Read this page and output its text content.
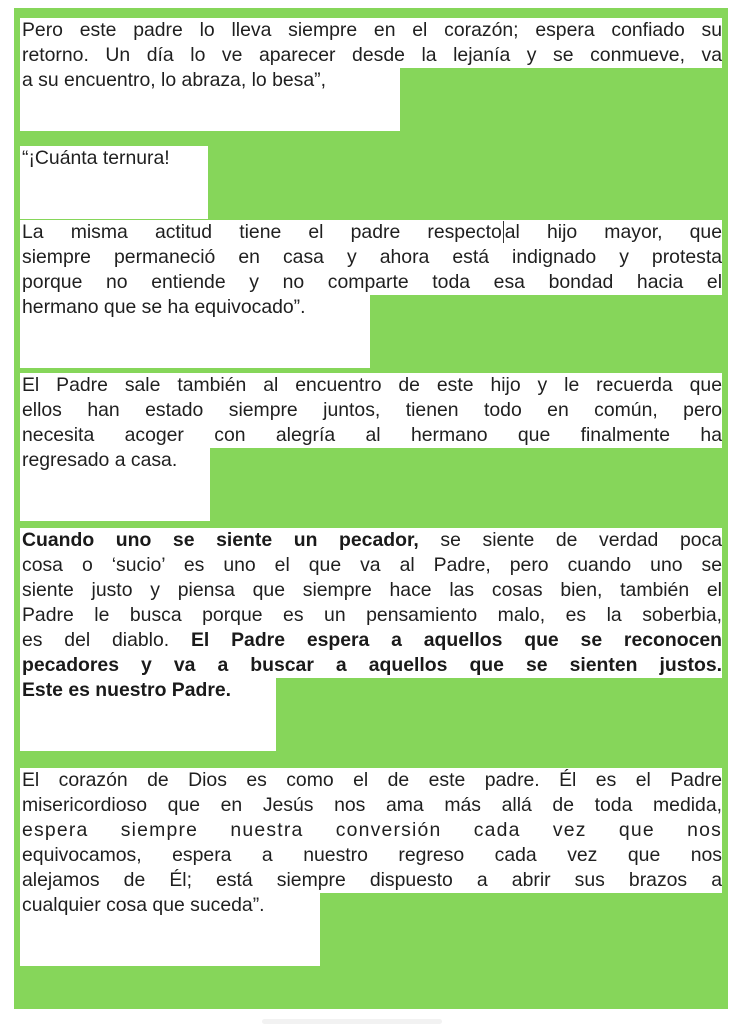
Pero este padre lo lleva siempre en el corazón; espera confiado su
retorno. Un día lo ve aparecer desde la lejanía y se conmueve, va
a su encuentro, lo abraza, lo besa”,
“¡Cuánta ternura!
La misma actitud tiene el padre respecto al hijo mayor, que
siempre permaneció en casa y ahora está indignado y protesta
porque no entiende y no comparte toda esa bondad hacia el
hermano que se ha equivocado”.
El Padre sale también al encuentro de este hijo y le recuerda que
ellos han estado siempre juntos, tienen todo en común, pero
necesita acoger con alegría al hermano que finalmente ha
regresado a casa.
Cuando uno se siente un pecador, se siente de verdad poca
cosa o ‘sucio’ es uno el que va al Padre, pero cuando uno se
siente justo y piensa que siempre hace las cosas bien, también el
Padre le busca porque es un pensamiento malo, es la soberbia,
es del diablo. El Padre espera a aquellos que se reconocen
pecadores y va a buscar a aquellos que se sienten justos.
Este es nuestro Padre.
El corazón de Dios es como el de este padre. Él es el Padre
misericordioso que en Jesús nos ama más allá de toda medida,
espera siempre nuestra conversión cada vez que nos
equivocamos, espera a nuestro regreso cada vez que nos
alejamos de Él; está siempre dispuesto a abrir sus brazos a
cualquier cosa que suceda”.
